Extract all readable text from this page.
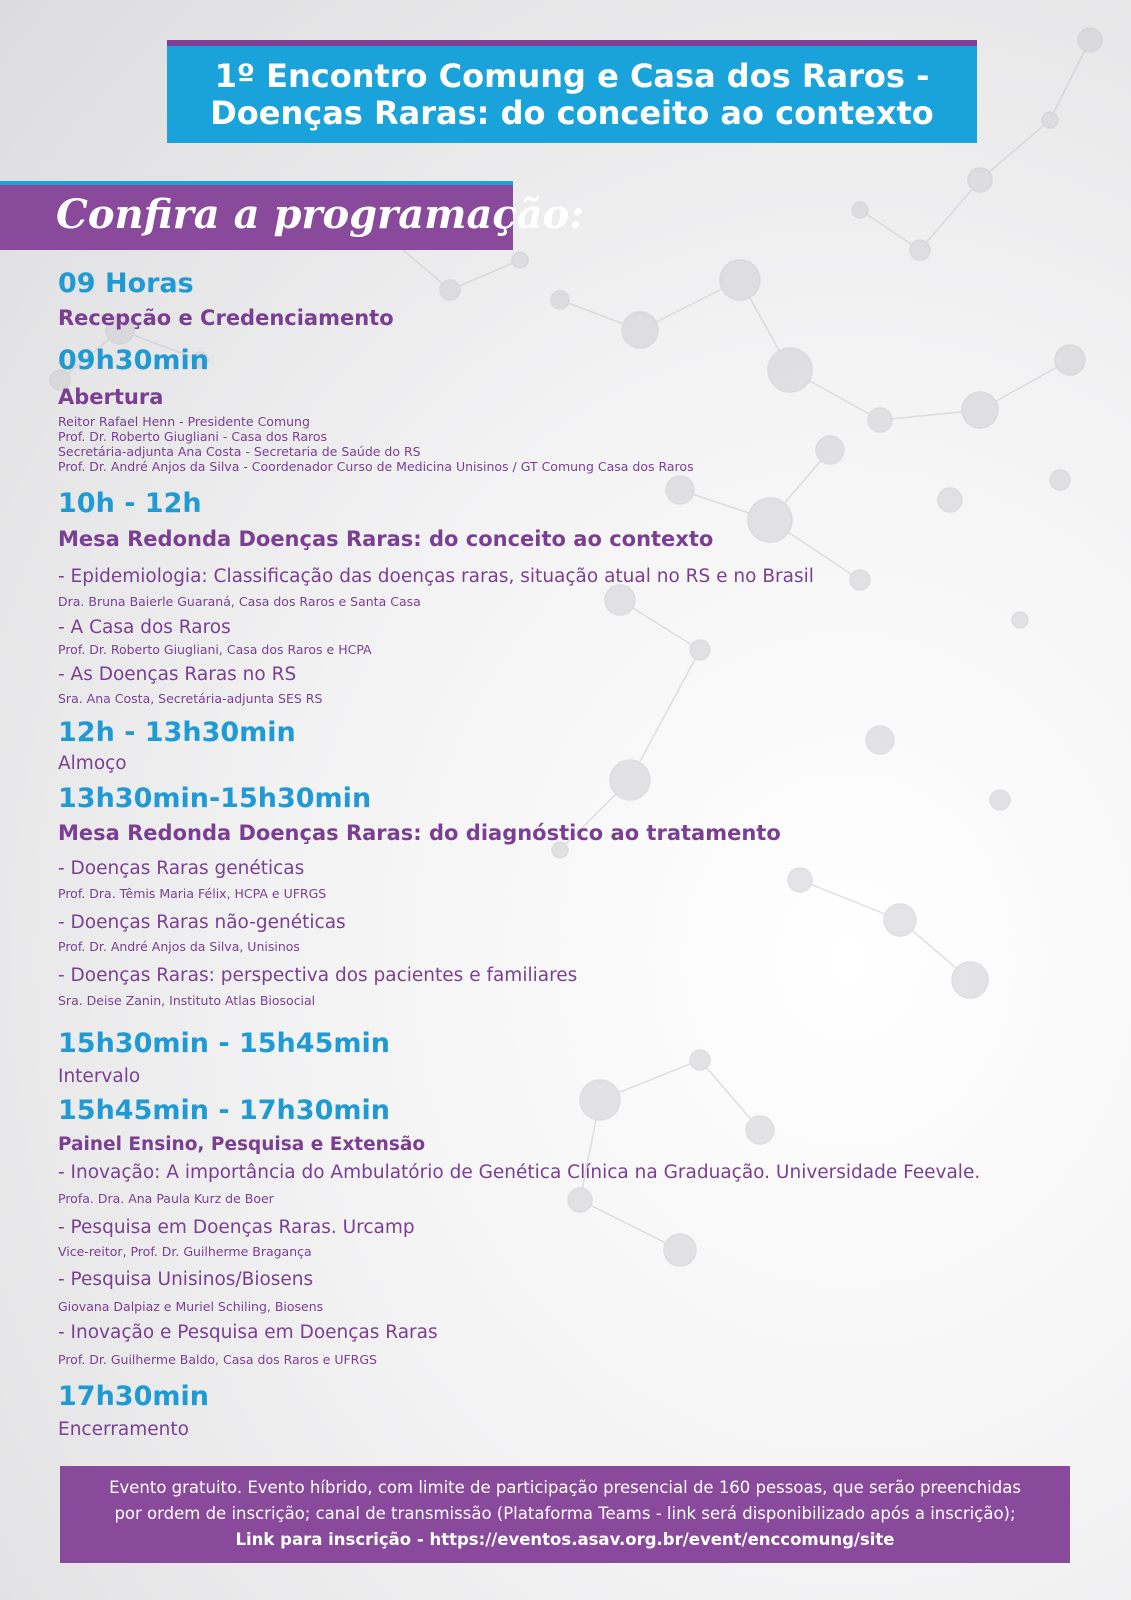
1º Encontro Comung e Casa dos Raros -
Doenças Raras: do conceito ao contexto
Confira a programação:
09 Horas
Recepção e Credenciamento
09h30min
Abertura
Reitor Rafael Henn - Presidente Comung
Prof. Dr. Roberto Giugliani - Casa dos Raros
Secretária-adjunta Ana Costa - Secretaria de Saúde do RS
Prof. Dr. André Anjos da Silva - Coordenador Curso de Medicina Unisinos / GT Comung Casa dos Raros
10h - 12h
Mesa Redonda Doenças Raras: do conceito ao contexto
- Epidemiologia: Classificação das doenças raras, situação atual no RS e no Brasil
Dra. Bruna Baierle Guaraná, Casa dos Raros e Santa Casa
- A Casa dos Raros
Prof. Dr. Roberto Giugliani, Casa dos Raros e HCPA
- As Doenças Raras no RS
Sra. Ana Costa, Secretária-adjunta SES RS
12h - 13h30min
Almoço
13h30min-15h30min
Mesa Redonda Doenças Raras: do diagnóstico ao tratamento
- Doenças Raras genéticas
Prof. Dra. Têmis Maria Félix, HCPA e UFRGS
- Doenças Raras não-genéticas
Prof. Dr. André Anjos da Silva, Unisinos
- Doenças Raras: perspectiva dos pacientes e familiares
Sra. Deise Zanin, Instituto Atlas Biosocial
15h30min - 15h45min
Intervalo
15h45min - 17h30min
Painel Ensino, Pesquisa e Extensão
- Inovação: A importância do Ambulatório de Genética Clínica na Graduação. Universidade Feevale.
Profa. Dra. Ana Paula Kurz de Boer
- Pesquisa em Doenças Raras. Urcamp
Vice-reitor, Prof. Dr. Guilherme Bragança
- Pesquisa Unisinos/Biosens
Giovana Dalpiaz e Muriel Schiling, Biosens
- Inovação e Pesquisa em Doenças Raras
Prof. Dr. Guilherme Baldo, Casa dos Raros e UFRGS
17h30min
Encerramento
Evento gratuito. Evento híbrido, com limite de participação presencial de 160 pessoas, que serão preenchidas
por ordem de inscrição; canal de transmissão (Plataforma Teams - link será disponibilizado após a inscrição);
Link para inscrição - https://eventos.asav.org.br/event/enccomung/site
